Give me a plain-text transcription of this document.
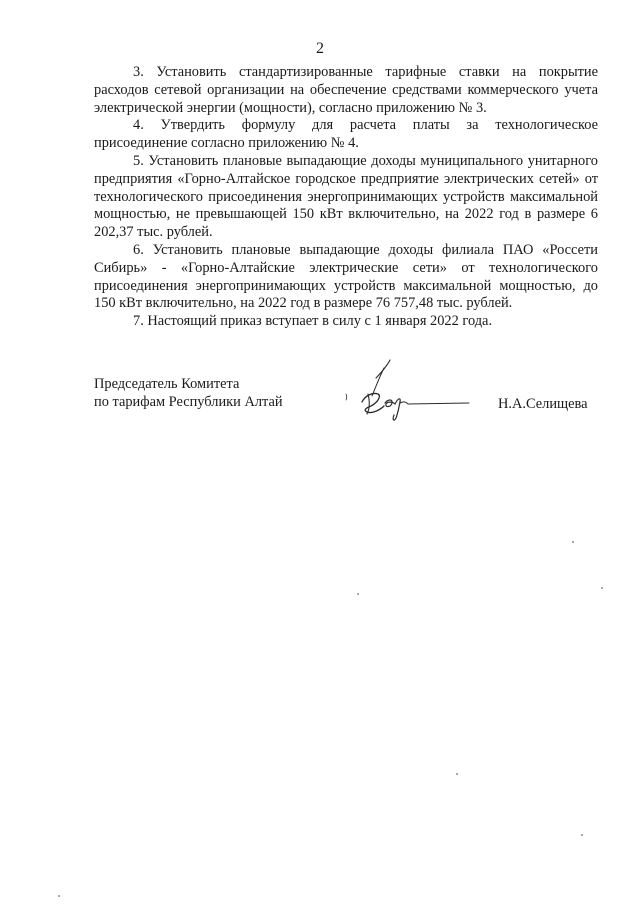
2

3. Установить стандартизированные тарифные ставки на покрытие расходов сетевой организации на обеспечение средствами коммерческого учета электрической энергии (мощности), согласно приложению № 3.

4. Утвердить формулу для расчета платы за технологическое присоединение согласно приложению № 4.

5. Установить плановые выпадающие доходы муниципального унитарного предприятия «Горно-Алтайское городское предприятие электрических сетей» от технологического присоединения энергопринимающих устройств максимальной мощностью, не превышающей 150 кВт включительно, на 2022 год в размере 6 202,37 тыс. рублей.

6. Установить плановые выпадающие доходы филиала ПАО «Россети Сибирь» - «Горно-Алтайские электрические сети» от технологического присоединения энергопринимающих устройств максимальной мощностью, до 150 кВт включительно, на 2022 год в размере 76 757,48 тыс. рублей.

7. Настоящий приказ вступает в силу с 1 января 2022 года.

Председатель Комитета
по тарифам Республики Алтай	Н.А.Селищева
